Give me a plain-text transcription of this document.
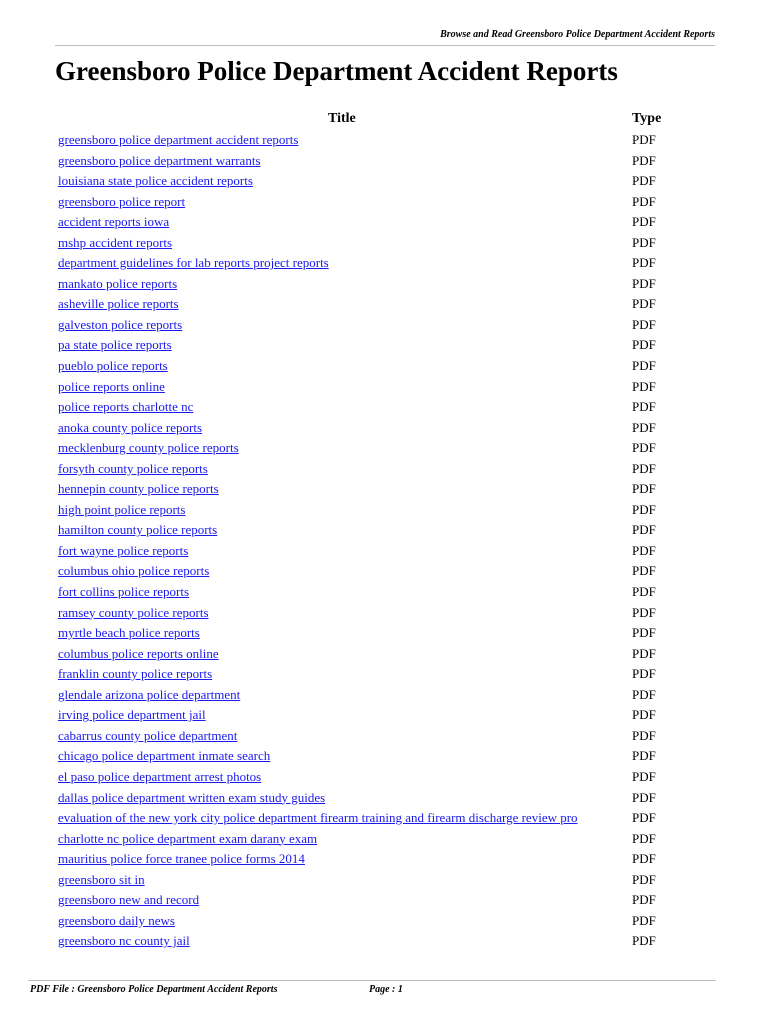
Browse and Read Greensboro Police Department Accident Reports
Greensboro Police Department Accident Reports
Title	Type
greensboro police department accident reports	PDF
greensboro police department warrants	PDF
louisiana state police accident reports	PDF
greensboro police report	PDF
accident reports iowa	PDF
mshp accident reports	PDF
department guidelines for lab reports project reports	PDF
mankato police reports	PDF
asheville police reports	PDF
galveston police reports	PDF
pa state police reports	PDF
pueblo police reports	PDF
police reports online	PDF
police reports charlotte nc	PDF
anoka county police reports	PDF
mecklenburg county police reports	PDF
forsyth county police reports	PDF
hennepin county police reports	PDF
high point police reports	PDF
hamilton county police reports	PDF
fort wayne police reports	PDF
columbus ohio police reports	PDF
fort collins police reports	PDF
ramsey county police reports	PDF
myrtle beach police reports	PDF
columbus police reports online	PDF
franklin county police reports	PDF
glendale arizona police department	PDF
irving police department jail	PDF
cabarrus county police department	PDF
chicago police department inmate search	PDF
el paso police department arrest photos	PDF
dallas police department written exam study guides	PDF
evaluation of the new york city police department firearm training and firearm discharge review pro	PDF
charlotte nc police department exam darany exam	PDF
mauritius police force tranee police forms 2014	PDF
greensboro sit in	PDF
greensboro new and record	PDF
greensboro daily news	PDF
greensboro nc county jail	PDF
PDF File : Greensboro Police Department Accident Reports	Page : 1
